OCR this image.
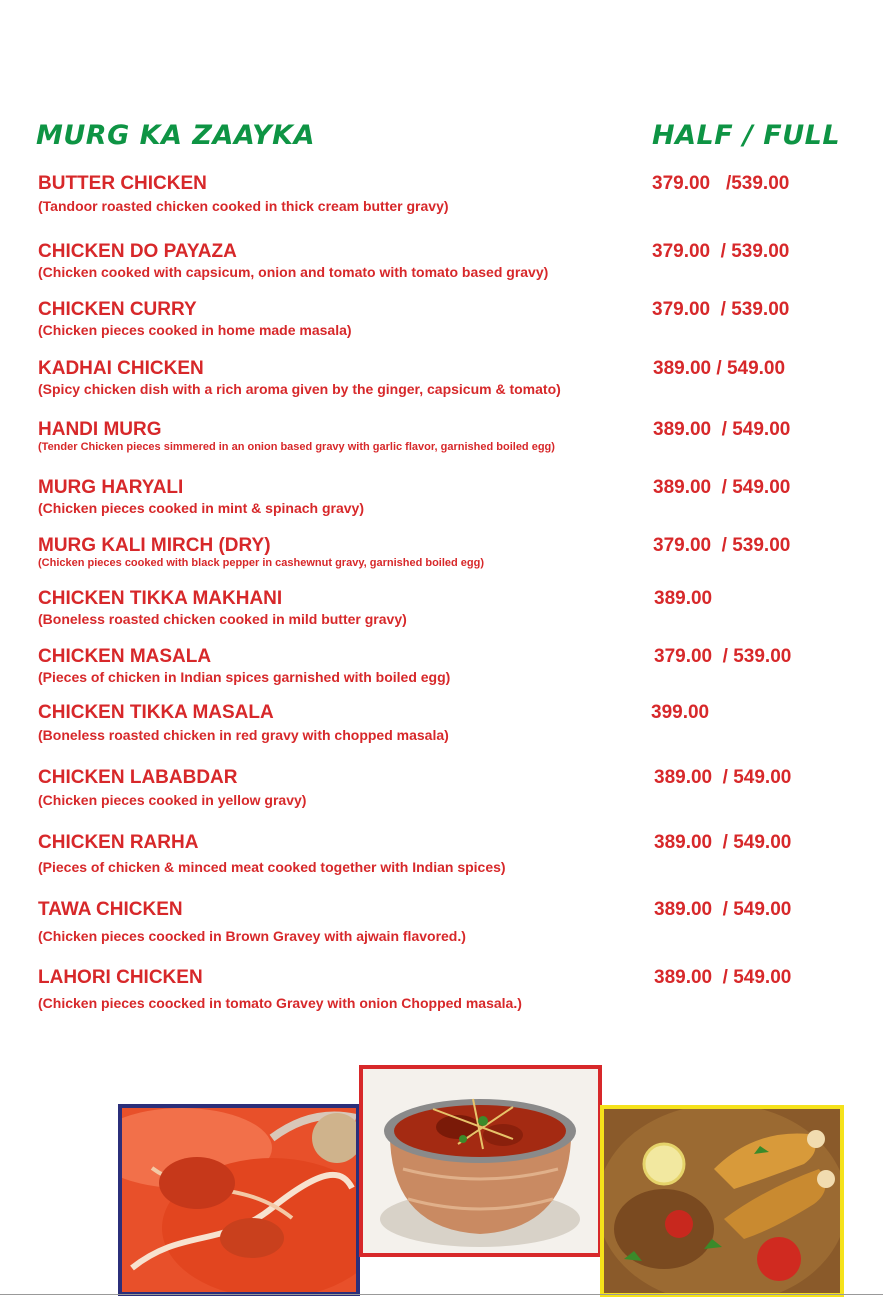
MURG KA ZAAYKA	HALF / FULL
BUTTER CHICKEN
(Tandoor roasted chicken cooked in thick cream butter gravy)
379.00   /539.00
CHICKEN DO PAYAZA
(Chicken cooked with capsicum, onion and tomato with tomato based gravy)
379.00  / 539.00
CHICKEN CURRY
(Chicken pieces cooked in home made masala)
379.00  / 539.00
KADHAI CHICKEN
(Spicy chicken dish with a rich aroma given by the ginger, capsicum & tomato)
389.00 / 549.00
HANDI MURG
(Tender Chicken pieces simmered in an onion based gravy with garlic flavor, garnished boiled egg)
389.00  / 549.00
MURG HARYALI
(Chicken pieces cooked in mint & spinach gravy)
389.00  / 549.00
MURG KALI MIRCH (DRY)
(Chicken pieces cooked with black pepper in cashewnut gravy, garnished boiled egg)
379.00  / 539.00
CHICKEN TIKKA MAKHANI
(Boneless roasted chicken cooked in mild butter gravy)
389.00
CHICKEN MASALA
(Pieces of chicken in Indian spices garnished with boiled egg)
379.00  / 539.00
CHICKEN TIKKA MASALA
(Boneless roasted chicken in red gravy with chopped masala)
399.00
CHICKEN LABABDAR
(Chicken pieces cooked in yellow gravy)
389.00  / 549.00
CHICKEN RARHA
(Pieces of chicken & minced meat cooked together with Indian spices)
389.00  / 549.00
TAWA CHICKEN
(Chicken pieces coocked in Brown Gravey with ajwain flavored.)
389.00  / 549.00
LAHORI CHICKEN
(Chicken pieces coocked in tomato Gravey with onion Chopped masala.)
389.00  / 549.00
